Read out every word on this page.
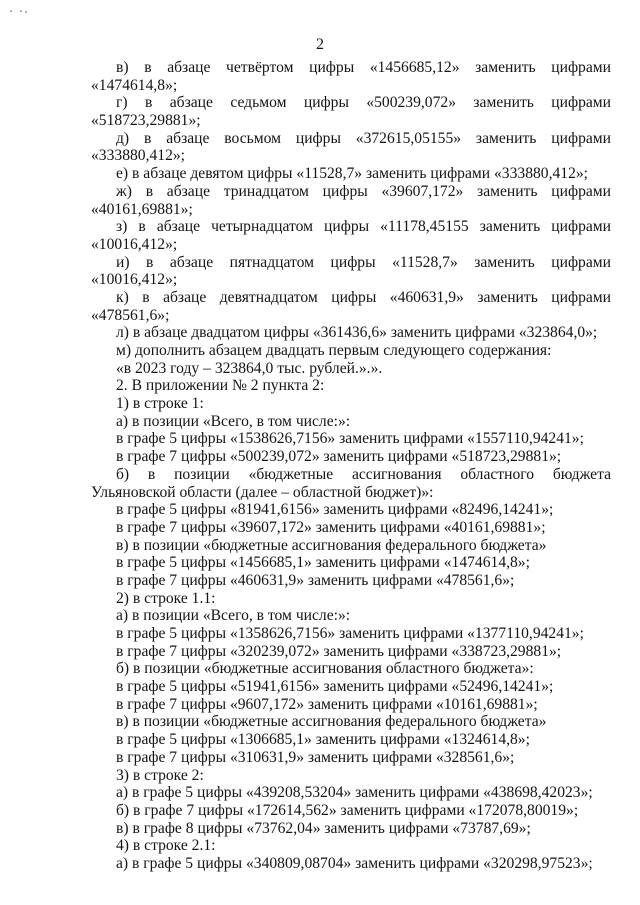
2
в) в абзаце четвёртом цифры «1456685,12» заменить цифрами
«1474614,8»;
г) в абзаце седьмом цифры «500239,072» заменить цифрами
«518723,29881»;
д) в абзаце восьмом цифры «372615,05155» заменить цифрами
«333880,412»;
е) в абзаце девятом цифры «11528,7» заменить цифрами «333880,412»;
ж) в абзаце тринадцатом цифры «39607,172» заменить цифрами
«40161,69881»;
з) в абзаце четырнадцатом цифры «11178,45155 заменить цифрами
«10016,412»;
и) в абзаце пятнадцатом цифры «11528,7» заменить цифрами
«10016,412»;
к) в абзаце девятнадцатом цифры «460631,9» заменить цифрами
«478561,6»;
л) в абзаце двадцатом цифры «361436,6» заменить цифрами «323864,0»;
м) дополнить абзацем двадцать первым следующего содержания:
«в 2023 году – 323864,0 тыс. рублей.».».
2. В приложении № 2 пункта 2:
1) в строке 1:
а) в позиции «Всего, в том числе:»:
в графе 5 цифры «1538626,7156» заменить цифрами «1557110,94241»;
в графе 7 цифры «500239,072» заменить цифрами «518723,29881»;
б) в позиции «бюджетные ассигнования областного бюджета
Ульяновской области (далее – областной бюджет)»:
в графе 5 цифры «81941,6156» заменить цифрами «82496,14241»;
в графе 7 цифры «39607,172» заменить цифрами «40161,69881»;
в) в позиции «бюджетные ассигнования федерального бюджета»
в графе 5 цифры «1456685,1» заменить цифрами «1474614,8»;
в графе 7 цифры «460631,9» заменить цифрами «478561,6»;
2) в строке 1.1:
а) в позиции «Всего, в том числе:»:
в графе 5 цифры «1358626,7156» заменить цифрами «1377110,94241»;
в графе 7 цифры «320239,072» заменить цифрами «338723,29881»;
б) в позиции «бюджетные ассигнования областного бюджета»:
в графе 5 цифры «51941,6156» заменить цифрами «52496,14241»;
в графе 7 цифры «9607,172» заменить цифрами «10161,69881»;
в) в позиции «бюджетные ассигнования федерального бюджета»
в графе 5 цифры «1306685,1» заменить цифрами «1324614,8»;
в графе 7 цифры «310631,9» заменить цифрами «328561,6»;
3) в строке 2:
а) в графе 5 цифры «439208,53204» заменить цифрами «438698,42023»;
б) в графе 7 цифры «172614,562» заменить цифрами «172078,80019»;
в) в графе 8 цифры «73762,04» заменить цифрами «73787,69»;
4) в строке 2.1:
а) в графе 5 цифры «340809,08704» заменить цифрами «320298,97523»;
